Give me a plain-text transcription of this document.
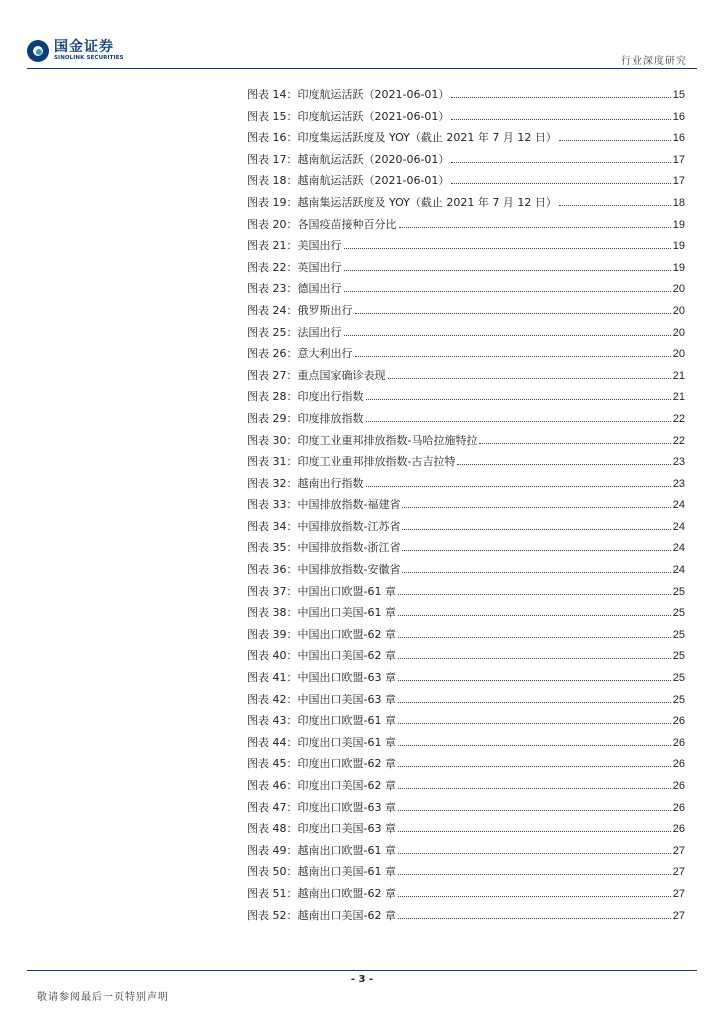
国金证券
SINOLINK SECURITIES	行业深度研究
图表 14：印度航运活跃（2021-06-01）	15
图表 15：印度航运活跃（2021-06-01）	16
图表 16：印度集运活跃度及 YOY（截止 2021 年 7 月 12 日）	16
图表 17：越南航运活跃（2020-06-01）	17
图表 18：越南航运活跃（2021-06-01）	17
图表 19：越南集运活跃度及 YOY（截止 2021 年 7 月 12 日）	18
图表 20：各国疫苗接种百分比	19
图表 21：美国出行	19
图表 22：英国出行	19
图表 23：德国出行	20
图表 24：俄罗斯出行	20
图表 25：法国出行	20
图表 26：意大利出行	20
图表 27：重点国家确诊表现	21
图表 28：印度出行指数	21
图表 29：印度排放指数	22
图表 30：印度工业重邦排放指数-马哈拉施特拉	22
图表 31：印度工业重邦排放指数-古吉拉特	23
图表 32：越南出行指数	23
图表 33：中国排放指数-福建省	24
图表 34：中国排放指数-江苏省	24
图表 35：中国排放指数-浙江省	24
图表 36：中国排放指数-安徽省	24
图表 37：中国出口欧盟-61 章	25
图表 38：中国出口美国-61 章	25
图表 39：中国出口欧盟-62 章	25
图表 40：中国出口美国-62 章	25
图表 41：中国出口欧盟-63 章	25
图表 42：中国出口美国-63 章	25
图表 43：印度出口欧盟-61 章	26
图表 44：印度出口美国-61 章	26
图表 45：印度出口欧盟-62 章	26
图表 46：印度出口美国-62 章	26
图表 47：印度出口欧盟-63 章	26
图表 48：印度出口美国-63 章	26
图表 49：越南出口欧盟-61 章	27
图表 50：越南出口美国-61 章	27
图表 51：越南出口欧盟-62 章	27
图表 52：越南出口美国-62 章	27
- 3 -
敬请参阅最后一页特别声明
